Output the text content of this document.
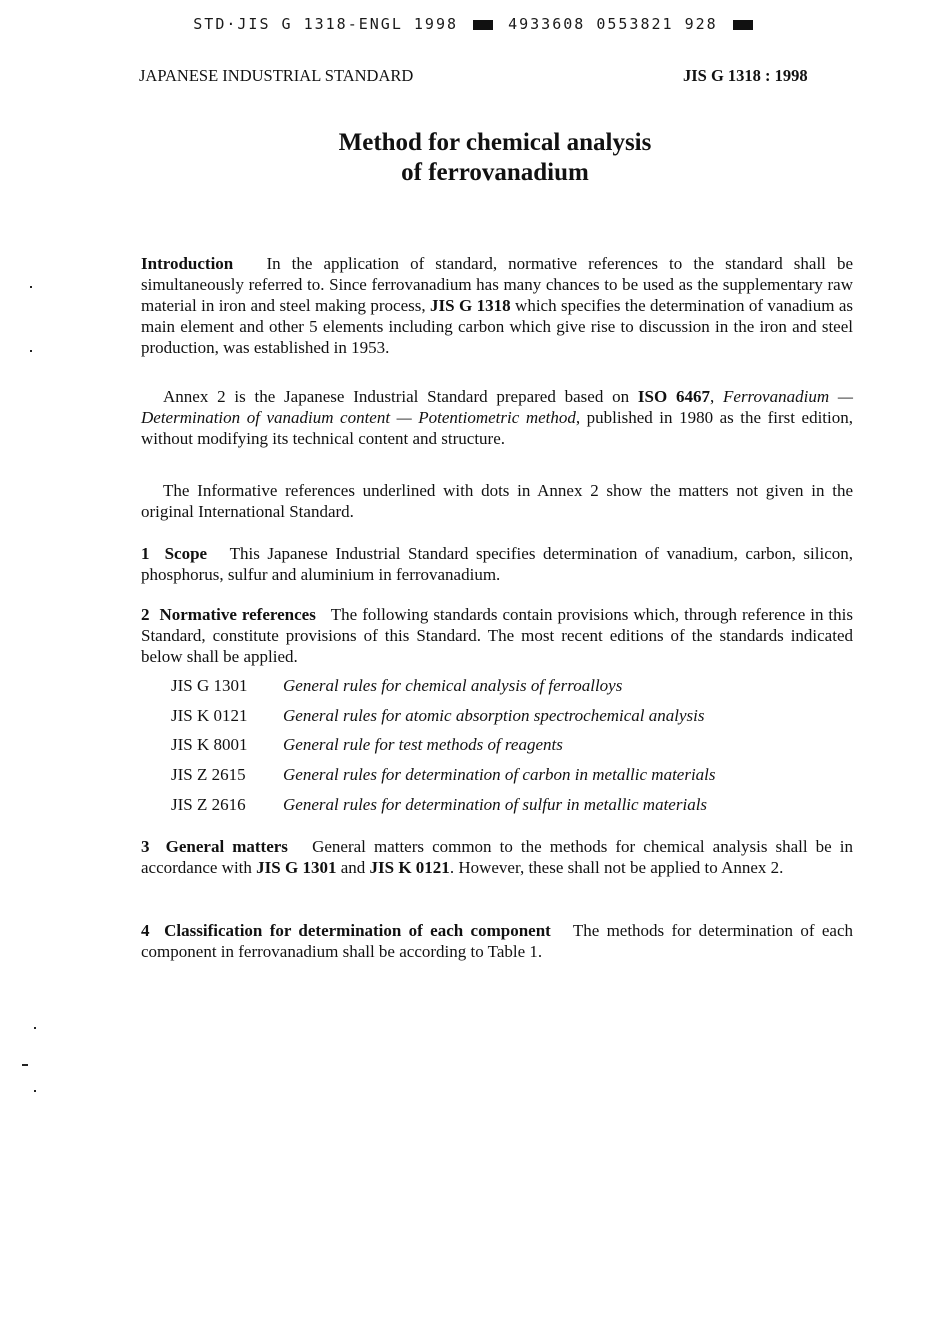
STD·JIS G 1318-ENGL 1998	4933608 0553821 928
JAPANESE INDUSTRIAL STANDARD	JIS G 1318 : 1998
Method for chemical analysis
of ferrovanadium
Introduction In the application of standard, normative references to the standard shall be simultaneously referred to. Since ferrovanadium has many chances to be used as the supplementary raw material in iron and steel making process, JIS G 1318 which specifies the determination of vanadium as main element and other 5 elements including carbon which give rise to discussion in the iron and steel production, was established in 1953.
Annex 2 is the Japanese Industrial Standard prepared based on ISO 6467, Ferrovanadium — Determination of vanadium content — Potentiometric method, published in 1980 as the first edition, without modifying its technical content and structure.
The Informative references underlined with dots in Annex 2 show the matters not given in the original International Standard.
1 Scope This Japanese Industrial Standard specifies determination of vanadium, carbon, silicon, phosphorus, sulfur and aluminium in ferrovanadium.
2 Normative references The following standards contain provisions which, through reference in this Standard, constitute provisions of this Standard. The most recent editions of the standards indicated below shall be applied.
JIS G 1301 General rules for chemical analysis of ferroalloys
JIS K 0121 General rules for atomic absorption spectrochemical analysis
JIS K 8001 General rule for test methods of reagents
JIS Z 2615 General rules for determination of carbon in metallic materials
JIS Z 2616 General rules for determination of sulfur in metallic materials
3 General matters General matters common to the methods for chemical analysis shall be in accordance with JIS G 1301 and JIS K 0121. However, these shall not be applied to Annex 2.
4 Classification for determination of each component The methods for determination of each component in ferrovanadium shall be according to Table 1.
